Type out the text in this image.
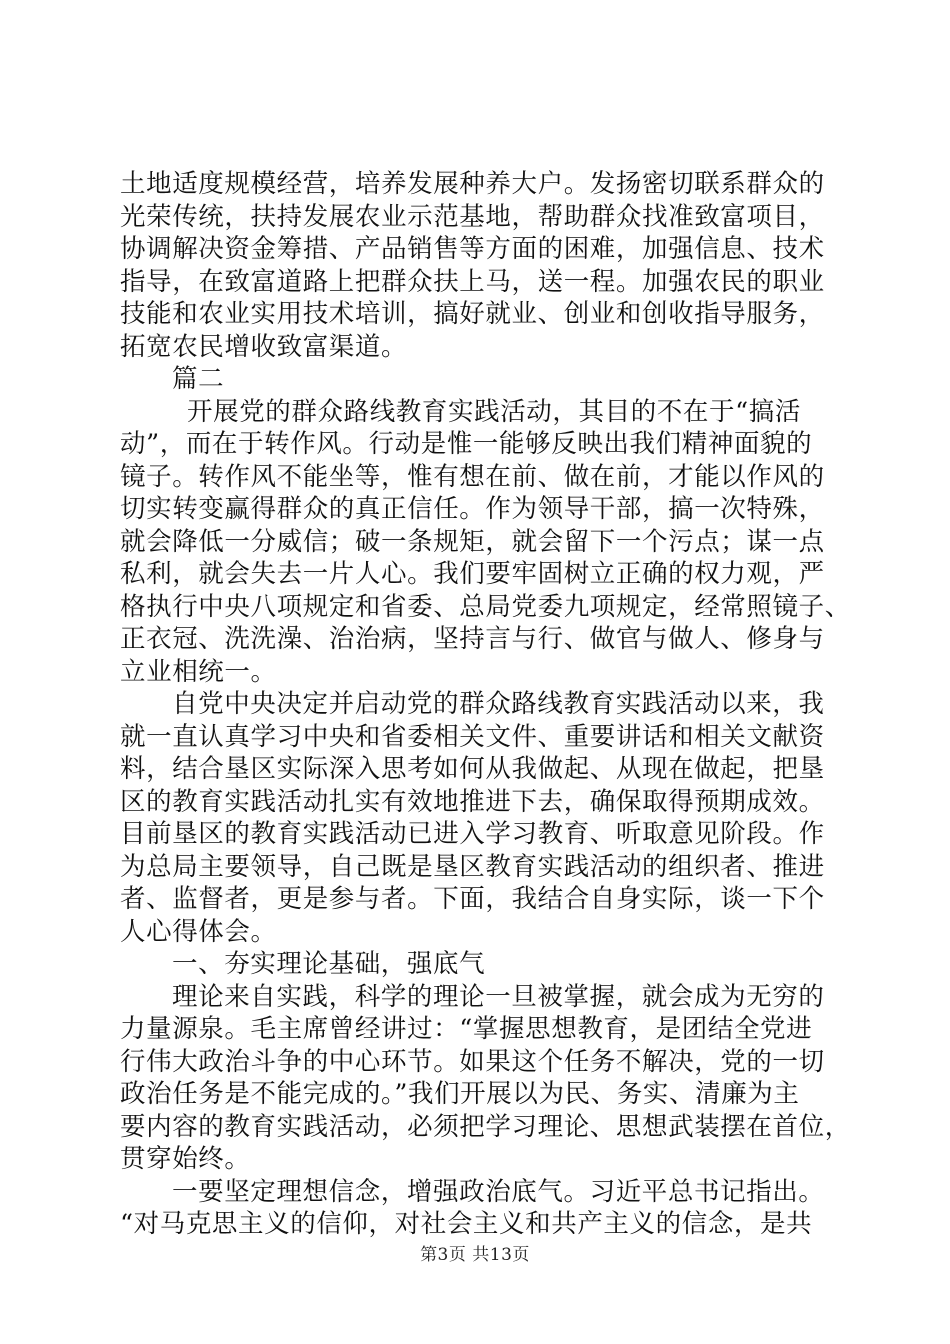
土地适度规模经营，培养发展种养大户。发扬密切联系群众的
光荣传统，扶持发展农业示范基地，帮助群众找准致富项目，
协调解决资金筹措、产品销售等方面的困难，加强信息、技术
指导，在致富道路上把群众扶上马，送一程。加强农民的职业
技能和农业实用技术培训，搞好就业、创业和创收指导服务，
拓宽农民增收致富渠道。
篇二
开展党的群众路线教育实践活动，其目的不在于“搞活
动”，而在于转作风。行动是惟一能够反映出我们精神面貌的
镜子。转作风不能坐等，惟有想在前、做在前，才能以作风的
切实转变赢得群众的真正信任。作为领导干部，搞一次特殊，
就会降低一分威信；破一条规矩，就会留下一个污点；谋一点
私利，就会失去一片人心。我们要牢固树立正确的权力观，严
格执行中央八项规定和省委、总局党委九项规定，经常照镜子、
正衣冠、洗洗澡、治治病，坚持言与行、做官与做人、修身与
立业相统一。
自党中央决定并启动党的群众路线教育实践活动以来，我
就一直认真学习中央和省委相关文件、重要讲话和相关文献资
料，结合垦区实际深入思考如何从我做起、从现在做起，把垦
区的教育实践活动扎实有效地推进下去，确保取得预期成效。
目前垦区的教育实践活动已进入学习教育、听取意见阶段。作
为总局主要领导，自己既是垦区教育实践活动的组织者、推进
者、监督者，更是参与者。下面，我结合自身实际，谈一下个
人心得体会。
一、夯实理论基础，强底气
理论来自实践，科学的理论一旦被掌握，就会成为无穷的
力量源泉。毛主席曾经讲过：“掌握思想教育，是团结全党进
行伟大政治斗争的中心环节。如果这个任务不解决，党的一切
政治任务是不能完成的。”我们开展以为民、务实、清廉为主
要内容的教育实践活动，必须把学习理论、思想武装摆在首位，
贯穿始终。
一要坚定理想信念，增强政治底气。习近平总书记指出。
“对马克思主义的信仰，对社会主义和共产主义的信念，是共
第3页 共13页
